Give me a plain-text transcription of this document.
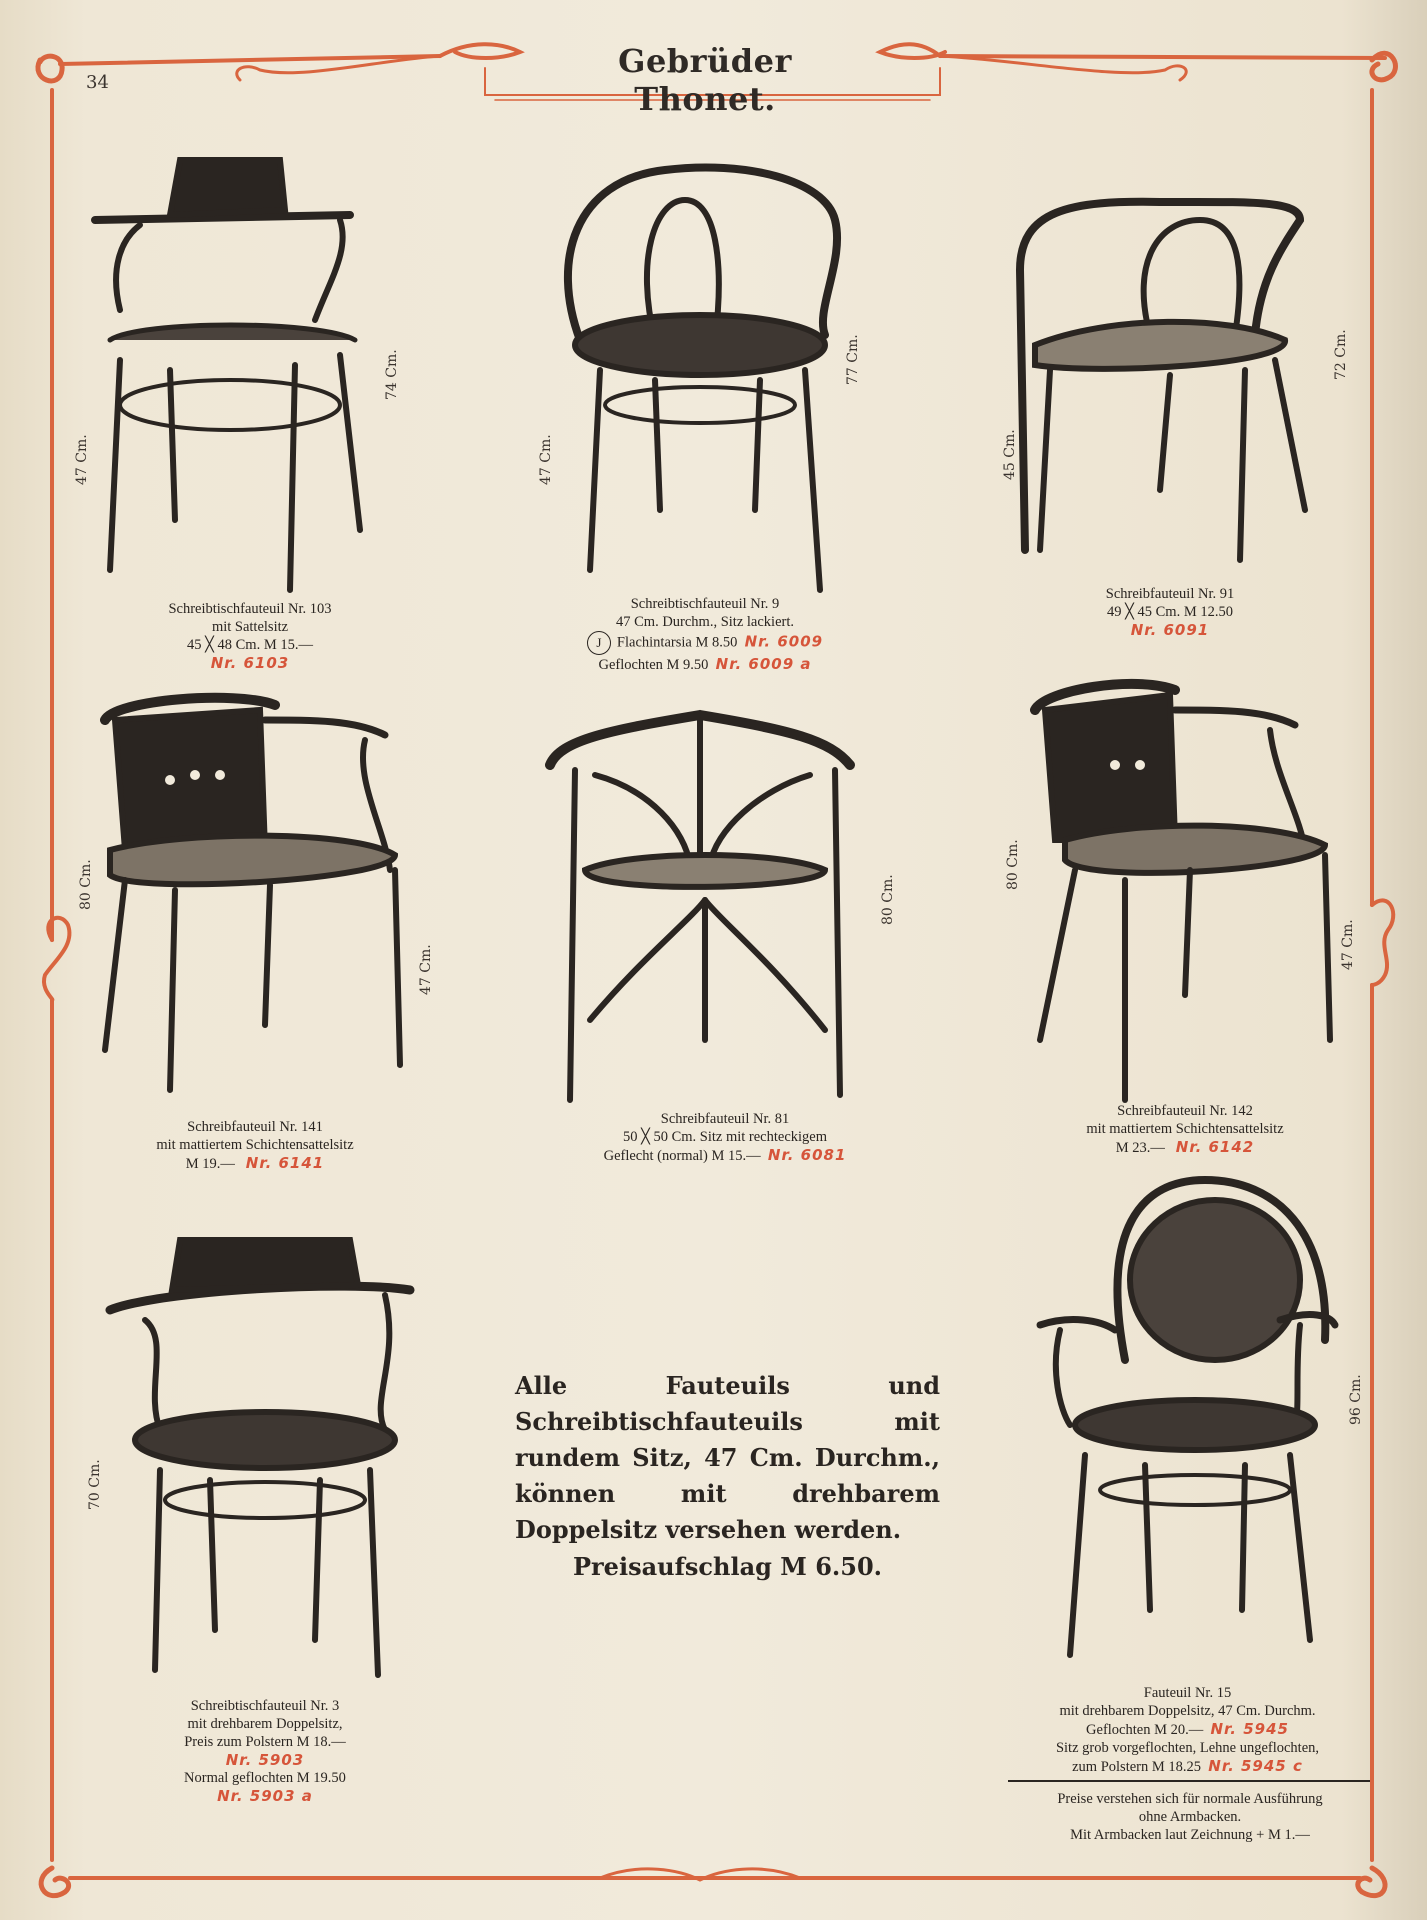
Gebrüder Thonet.
34
74 Cm.
47 Cm.
77 Cm.
47 Cm.
72 Cm.
45 Cm.
80 Cm.
47 Cm.
80 Cm.
80 Cm.
47 Cm.
70 Cm.
96 Cm.
Schreibtischfauteuil Nr. 103
mit Sattelsitz
45 ╳ 48 Cm. M 15.—
Nr. 6103
Schreibtischfauteuil Nr. 9
47 Cm. Durchm., Sitz lackiert.
J Flachintarsia M 8.50 Nr. 6009
Geflochten M 9.50 Nr. 6009 a
Schreibfauteuil Nr. 91
49 ╳ 45 Cm. M 12.50
Nr. 6091
Schreibfauteuil Nr. 141
mit mattiertem Schichtensattelsitz
M 19.— Nr. 6141
Schreibfauteuil Nr. 81
50 ╳ 50 Cm. Sitz mit rechteckigem
Geflecht (normal) M 15.— Nr. 6081
Schreibfauteuil Nr. 142
mit mattiertem Schichtensattelsitz
M 23.— Nr. 6142
Schreibtischfauteuil Nr. 3
mit drehbarem Doppelsitz,
Preis zum Polstern M 18.—
Nr. 5903
Normal geflochten M 19.50
Nr. 5903 a
Fauteuil Nr. 15
mit drehbarem Doppelsitz, 47 Cm. Durchm.
Geflochten M 20.— Nr. 5945
Sitz grob vorgeflochten, Lehne ungeflochten,
zum Polstern M 18.25 Nr. 5945 c
Alle Fauteuils und Schreibtischfauteuils mit rundem Sitz, 47 Cm. Durchm., können mit drehbarem Doppelsitz versehen werden.
Preisaufschlag M 6.50.
Preise verstehen sich für normale Ausführung
ohne Armbacken.
Mit Armbacken laut Zeichnung + M 1.—
